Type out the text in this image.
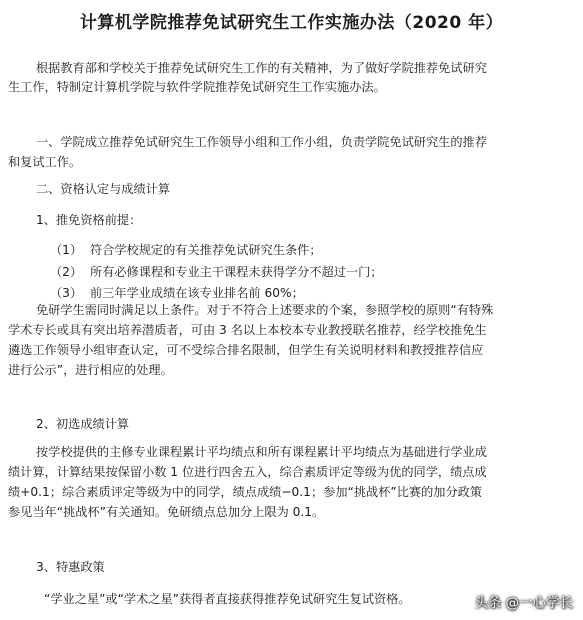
计算机学院推荐免试研究生工作实施办法（2020 年）
根据教育部和学校关于推荐免试研究生工作的有关精神，为了做好学院推荐免试研究
生工作，特制定计算机学院与软件学院推荐免试研究生工作实施办法。
一、学院成立推荐免试研究生工作领导小组和工作小组，负责学院免试研究生的推荐
和复试工作。
二、资格认定与成绩计算
1、推免资格前提：
（1） 符合学校规定的有关推荐免试研究生条件；
（2） 所有必修课程和专业主干课程未获得学分不超过一门；
（3） 前三年学业成绩在该专业排名前 60%；
免研学生需同时满足以上条件。对于不符合上述要求的个案，参照学校的原则“有特殊
学术专长或具有突出培养潜质者，可由 3 名以上本校本专业教授联名推荐，经学校推免生
遴选工作领导小组审查认定，可不受综合排名限制，但学生有关说明材料和教授推荐信应
进行公示”，进行相应的处理。
2、初选成绩计算
按学校提供的主修专业课程累计平均绩点和所有课程累计平均绩点为基础进行学业成
绩计算，计算结果按保留小数 1 位进行四舍五入，综合素质评定等级为优的同学，绩点成
绩+0.1；综合素质评定等级为中的同学，绩点成绩−0.1；参加“挑战杯”比赛的加分政策
参见当年“挑战杯”有关通知。免研绩点总加分上限为 0.1。
3、特惠政策
“学业之星”或“学术之星”获得者直接获得推荐免试研究生复试资格。	头条 @一心学长
